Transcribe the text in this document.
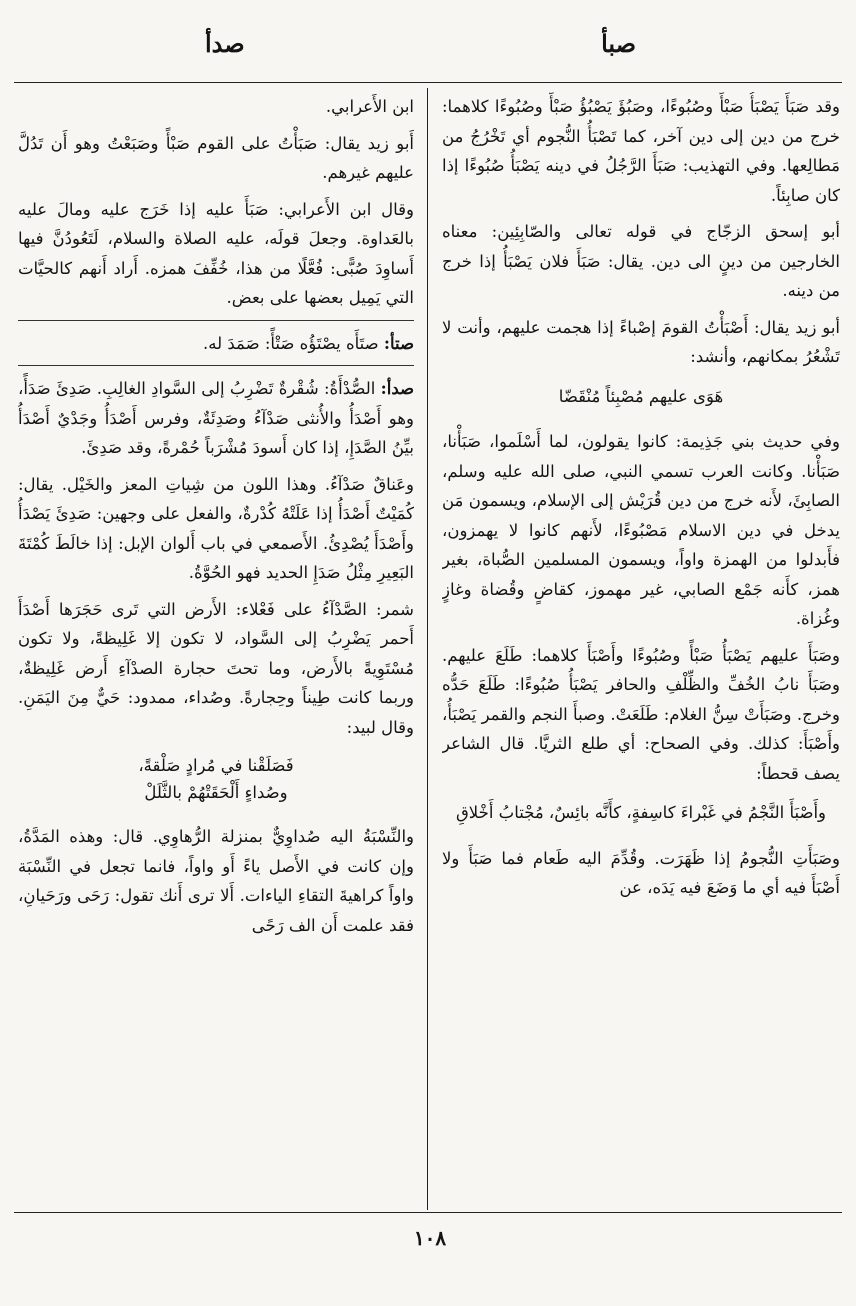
صبأ
صدأ

وقد صَبَأَ يَصْبَأُ صَبْأً وصُبُوءًا، وصَبُؤَ يَصْبُؤُ صَبْأً وصُبُوءًا كلاهما: خرج من دين إلى دين آخر، كما تَصْبَأُ النُّجوم أي تَخْرُجُ من مَطالِعها. وفي التهذيب: صَبَأَ الرَّجُلُ في دينه يَصْبَأُ صُبُوءًا إذا كان صابِئاً.

أبو إسحق الزجّاج في قوله تعالى والصّابِئِين: معناه الخارجين من دينٍ الى دين. يقال: صَبَأَ فلان يَصْبَأُ إذا خرج من دينه.

أبو زيد يقال: أَصْبَأْتُ القومَ إصْباءً إذا هجمت عليهم، وأنت لا تَشْعُرُ بمكانهم، وأنشد:

هَوَى عليهم مُصْبِئاً مُنْقَضّا

وفي حديث بني جَذِيمة: كانوا يقولون، لما أَسْلَموا، صَبَأْنا، صَبَأْنا. وكانت العرب تسمي النبي، صلى الله عليه وسلم، الصابِئَ، لأَنه خرج من دين قُرَيْش إلى الإسلام، ويسمون مَن يدخل في دين الاسلام مَصْبُوءًا، لأَنهم كانوا لا يهمزون، فأَبدلوا من الهمزة واواً، ويسمون المسلمين الصُّباة، بغير همز، كأَنه جَمْع الصابي، غير مهموز، كقاضٍ وقُضاة وغازٍ وغُزاة.

وصَبَأَ عليهم يَصْبَأُ صَبْأً وصُبُوءًا وأَصْبَأَ كلاهما: طَلَعَ عليهم. وصَبَأَ نابُ الخُفِّ والظِّلْفِ والحافر يَصْبَأُ صُبُوءًا: طَلَعَ حَدُّه وخرج. وصَبَأَتْ سِنُّ الغلام: طَلَعَتْ. وصبأَ النجم والقمر يَصْبَأُ، وأَصْبَأَ: كذلك. وفي الصحاح: أي طلع الثريَّا. قال الشاعر يصف قحطاً:

وأَصْبَأَ النَّجْمُ في غَبْراءَ كاسِفةٍ، كأَنَّه بائِسٌ، مُجْتابُ أَخْلاقِ

وصَبَأَتِ النُّجومُ إذا ظَهَرَت. وقُدِّمَ اليه طَعام فما صَبَأَ ولا أَصْبَأَ فيه أي ما وَضَعَ فيه يَدَه، عن

ابن الأَعرابي.

أَبو زيد يقال: صَبَأْتُ على القوم صَبْأً وصَبَعْتُ وهو أَن تَدُلَّ عليهم غيرهم.

وقال ابن الأَعرابي: صَبَأَ عليه إذا خَرَج عليه ومالَ عليه بالعَداوة. وجعلَ قولَه، عليه الصلاة والسلام، لَتَعُودُنَّ فيها أَساوِدَ صُبًّى: فُعَّلًا من هذا، خُفِّفَ همزه. أَراد أَنهم كالحيَّات التي يَمِيل بعضها على بعض.

صتأ: صتَأَه يصْتَؤُه صَتْأً: صَمَدَ له.

صدأ: الصُّدْأَةُ: شُقْرةٌ تَضْرِبُ إلى السَّوادِ الغالِبِ. صَدِئَ صَدَأً، وهو أَصْدَأُ والأُنثى صَدْآءُ وصَدِئَةٌ، وفرس أَصْدَأُ وجَدْيٌ أَصْدَأُ بيِّنُ الصَّدَإِ، إذا كان أَسودَ مُشْرَباً حُمْرةً، وقد صَدِئَ.

وعَناقٌ صَدْآءُ. وهذا اللون من شِياتِ المعز والخَيْل. يقال: كُمَيْتٌ أَصْدَأُ إذا عَلَتْهُ كُدْرةٌ، والفعل على وجهين: صَدِئَ يَصْدَأُ وأَصْدَأَ يُصْدِئُ. الأَصمعي في باب أَلوان الإبل: إذا خالَطَ كُمْتَةَ البَعِيرِ مِثْلُ صَدَإِ الحديد فهو الحُوَّةُ.

شمر: الصَّدْآءُ على فَعْلاء: الأَرض التي تَرى حَجَرَها أَصْدَأَ أَحمر يَضْرِبُ إلى السَّواد، لا تكون إلا غَلِيظةً، ولا تكون مُسْتَوِيةً بالأَرض، وما تحتَ حجارة الصدْآءِ أَرض غَلِيظةٌ، وربما كانت طِيناً وحِجارةً. وصُداء، ممدود: حَيٌّ مِنَ اليَمَنِ. وقال لبيد:

فَصَلَقْنا في مُرادٍ صَلْقةً،
وصُداءٍ أَلْحَقَتْهُمْ بالثَّلَلْ

والنِّسْبَةُ اليه صُداوِيٌّ بمنزلة الرُّهاوِي. قال: وهذه المَدَّةُ، وإن كانت في الأَصل ياءً أَو واواً، فانما تجعل في النِّسْبَة واواً كراهيةَ التقاءِ الياءات. أَلا ترى أَنك تقول: رَحَى ورَحَيانِ، فقد علمت أَن الف رَحًى

١٠٨
